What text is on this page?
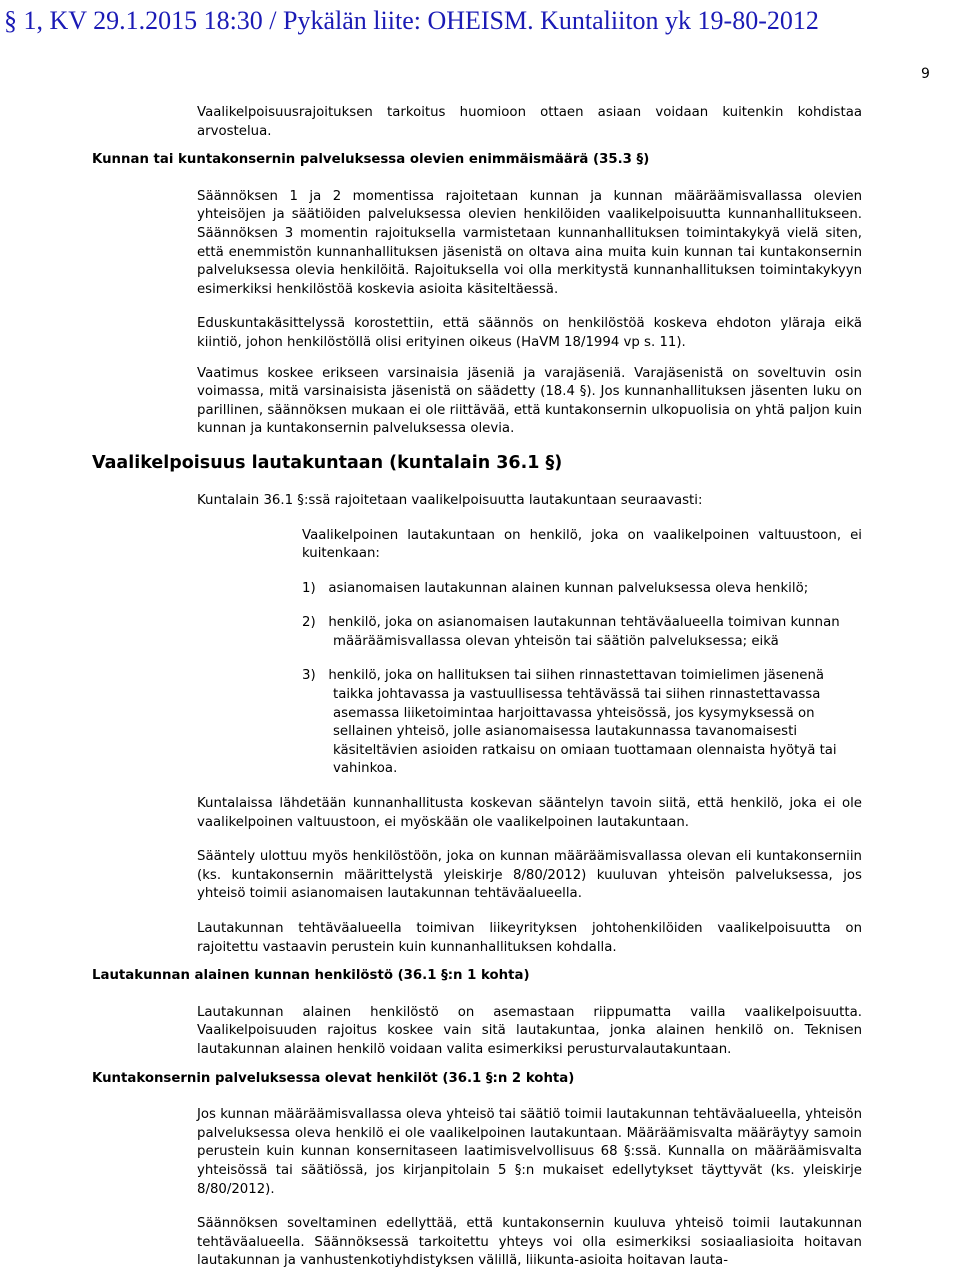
§ 1, KV 29.1.2015 18:30 / Pykälän liite: OHEISM. Kuntaliiton yk 19-80-2012
9

Vaalikelpoisuusrajoituksen tarkoitus huomioon ottaen asiaan voidaan kuitenkin kohdistaa arvostelua.

Kunnan tai kuntakonsernin palveluksessa olevien enimmäismäärä (35.3 §)

Säännöksen 1 ja 2 momentissa rajoitetaan kunnan ja kunnan määräämisvallassa olevien yhteisöjen ja säätiöiden palveluksessa olevien henkilöiden vaalikelpoisuutta kunnanhallitukseen. Säännöksen 3 momentin rajoituksella varmistetaan kunnanhallituksen toimintakykyä vielä siten, että enemmistön kunnanhallituksen jäsenistä on oltava aina muita kuin kunnan tai kuntakonsernin palveluksessa olevia henkilöitä. Rajoituksella voi olla merkitystä kunnanhallituksen toimintakykyyn esimerkiksi henkilöstöä koskevia asioita käsiteltäessä.

Eduskuntakäsittelyssä korostettiin, että säännös on henkilöstöä koskeva ehdoton yläraja eikä kiintiö, johon henkilöstöllä olisi erityinen oikeus (HaVM 18/1994 vp s. 11).

Vaatimus koskee erikseen varsinaisia jäseniä ja varajäseniä. Varajäsenistä on soveltuvin osin voimassa, mitä varsinaisista jäsenistä on säädetty (18.4 §). Jos kunnanhallituksen jäsenten luku on parillinen, säännöksen mukaan ei ole riittävää, että kuntakonsernin ulkopuolisia on yhtä paljon kuin kunnan ja kuntakonsernin palveluksessa olevia.

Vaalikelpoisuus lautakuntaan (kuntalain 36.1 §)

Kuntalain 36.1 §:ssä rajoitetaan vaalikelpoisuutta lautakuntaan seuraavasti:

Vaalikelpoinen lautakuntaan on henkilö, joka on vaalikelpoinen valtuustoon, ei kuitenkaan:

1)   asianomaisen lautakunnan alainen kunnan palveluksessa oleva henkilö;

2)   henkilö, joka on asianomaisen lautakunnan tehtäväalueella toimivan kunnan määräämisvallassa olevan yhteisön tai säätiön palveluksessa; eikä

3)   henkilö, joka on hallituksen tai siihen rinnastettavan toimielimen jäsenenä taikka johtavassa ja vastuullisessa tehtävässä tai siihen rinnastettavassa asemassa liiketoimintaa harjoittavassa yhteisössä, jos kysymyksessä on sellainen yhteisö, jolle asianomaisessa lautakunnassa tavanomaisesti käsiteltävien asioiden ratkaisu on omiaan tuottamaan olennaista hyötyä tai vahinkoa.

Kuntalaissa lähdetään kunnanhallitusta koskevan sääntelyn tavoin siitä, että henkilö, joka ei ole vaalikelpoinen valtuustoon, ei myöskään ole vaalikelpoinen lautakuntaan.

Sääntely ulottuu myös henkilöstöön, joka on kunnan määräämisvallassa olevan eli kuntakonserniin (ks. kuntakonsernin määrittelystä yleiskirje 8/80/2012) kuuluvan yhteisön palveluksessa, jos yhteisö toimii asianomaisen lautakunnan tehtäväalueella.

Lautakunnan tehtäväalueella toimivan liikeyrityksen johtohenkilöiden vaalikelpoisuutta on rajoitettu vastaavin perustein kuin kunnanhallituksen kohdalla.

Lautakunnan alainen kunnan henkilöstö (36.1 §:n 1 kohta)

Lautakunnan alainen henkilöstö on asemastaan riippumatta vailla vaalikelpoisuutta. Vaalikelpoisuuden rajoitus koskee vain sitä lautakuntaa, jonka alainen henkilö on. Teknisen lautakunnan alainen henkilö voidaan valita esimerkiksi perusturvalautakuntaan.

Kuntakonsernin palveluksessa olevat henkilöt (36.1 §:n 2 kohta)

Jos kunnan määräämisvallassa oleva yhteisö tai säätiö toimii lautakunnan tehtäväalueella, yhteisön palveluksessa oleva henkilö ei ole vaalikelpoinen lautakuntaan. Määräämisvalta määräytyy samoin perustein kuin kunnan konsernitaseen laatimisvelvollisuus 68 §:ssä. Kunnalla on määräämisvalta yhteisössä tai säätiössä, jos kirjanpitolain 5 §:n mukaiset edellytykset täyttyvät (ks. yleiskirje 8/80/2012).

Säännöksen soveltaminen edellyttää, että kuntakonsernin kuuluva yhteisö toimii lautakunnan tehtäväalueella. Säännöksessä tarkoitettu yhteys voi olla esimerkiksi sosiaaliasioita hoitavan lautakunnan ja vanhustenkotiyhdistyksen välillä, liikunta-asioita hoitavan lauta-
